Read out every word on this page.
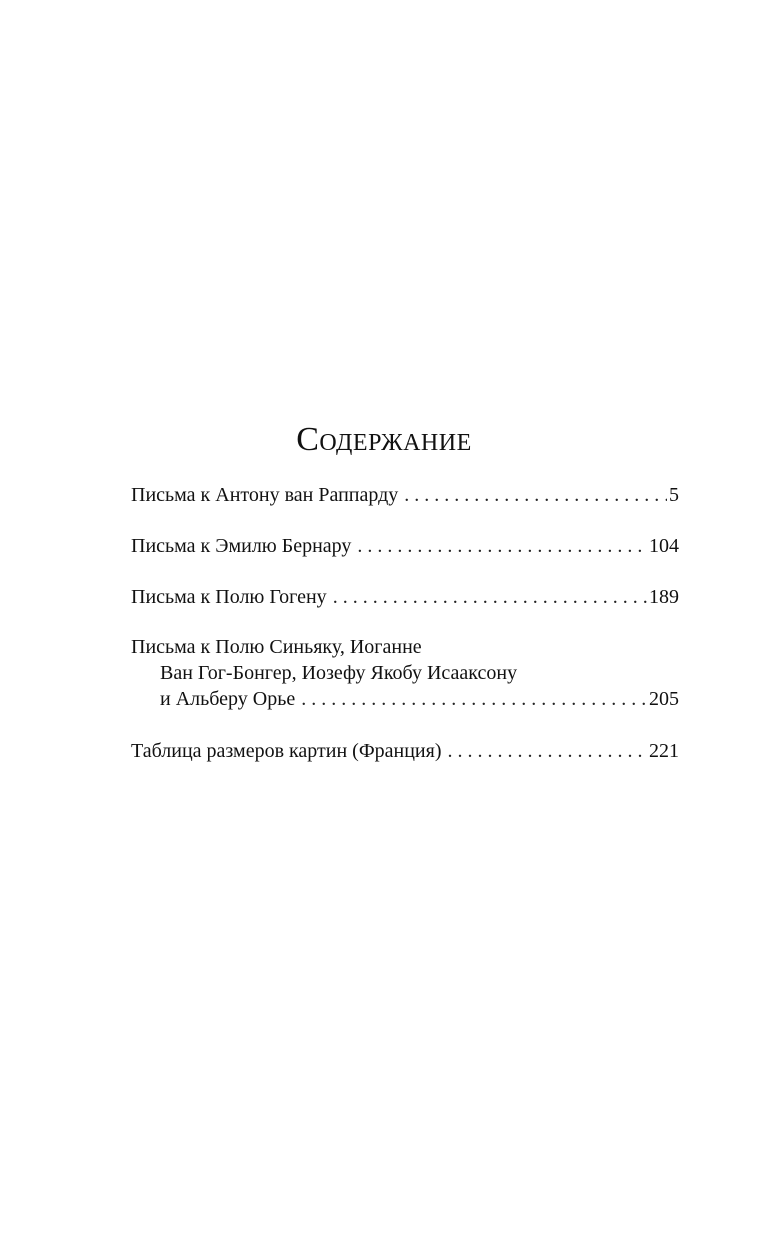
Содержание
Письма к Антону ван Раппарду . . .	5
Письма к Эмилю Бернару . . .	104
Письма к Полю Гогену . . .	189
Письма к Полю Синьяку, Иоганне
Ван Гог-Бонгер, Иозефу Якобу Исааксону
и Альберу Орье . . .	205
Таблица размеров картин (Франция) . . .	221
